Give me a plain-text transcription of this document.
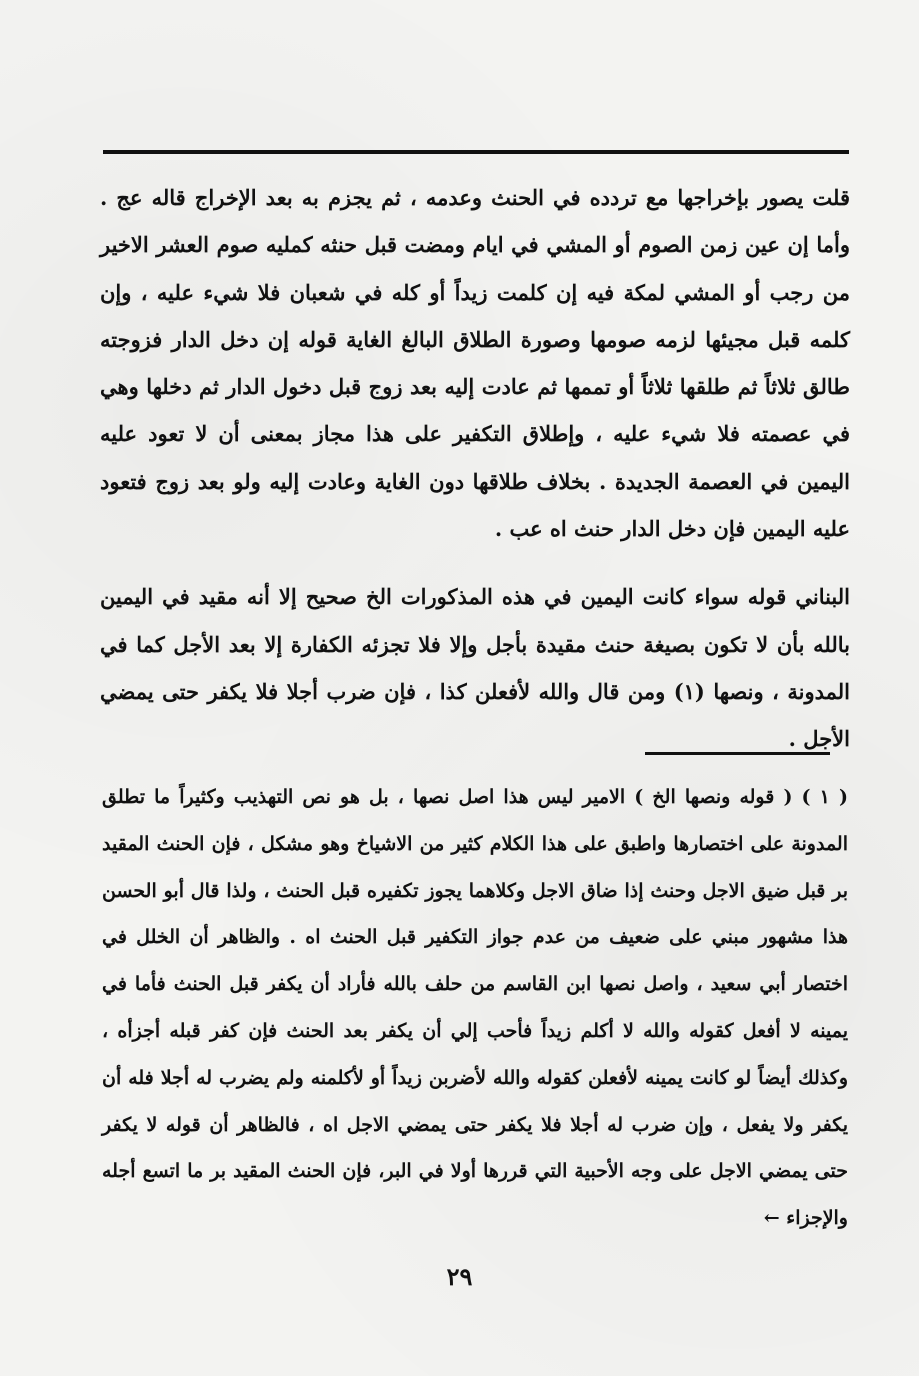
قلت يصور بإخراجها مع تردده في الحنث وعدمه ، ثم يجزم به بعد الإخراج قاله عج . وأما إن عين زمن الصوم أو المشي في ايام ومضت قبل حنثه كمليه صوم العشر الاخير من رجب أو المشي لمكة فيه إن كلمت زيداً أو كله في شعبان فلا شيء عليه ، وإن كلمه قبل مجيئها لزمه صومها وصورة الطلاق البالغ الغاية قوله إن دخل الدار فزوجته طالق ثلاثاً ثم طلقها ثلاثاً أو تممها ثم عادت إليه بعد زوج قبل دخول الدار ثم دخلها وهي في عصمته فلا شيء عليه ، وإطلاق التكفير على هذا مجاز بمعنى أن لا تعود عليه اليمين في العصمة الجديدة . بخلاف طلاقها دون الغاية وعادت إليه ولو بعد زوج فتعود عليه اليمين فإن دخل الدار حنث اه عب .

البناني قوله سواء كانت اليمين في هذه المذكورات الخ صحيح إلا أنه مقيد في اليمين بالله بأن لا تكون بصيغة حنث مقيدة بأجل وإلا فلا تجزئه الكفارة إلا بعد الأجل كما في المدونة ، ونصها (١) ومن قال والله لأفعلن كذا ، فإن ضرب أجلا فلا يكفر حتى يمضي الأجل .

( ١ ) ( قوله ونصها الخ ) الامير ليس هذا اصل نصها ، بل هو نص التهذيب وكثيراً ما تطلق المدونة على اختصارها واطبق على هذا الكلام كثير من الاشياخ وهو مشكل ، فإن الحنث المقيد بر قبل ضيق الاجل وحنث إذا ضاق الاجل وكلاهما يجوز تكفيره قبل الحنث ، ولذا قال أبو الحسن هذا مشهور مبني على ضعيف من عدم جواز التكفير قبل الحنث اه . والظاهر أن الخلل في اختصار أبي سعيد ، واصل نصها ابن القاسم من حلف بالله فأراد أن يكفر قبل الحنث فأما في يمينه لا أفعل كقوله والله لا أكلم زيداً فأحب إلي أن يكفر بعد الحنث فإن كفر قبله أجزأه ، وكذلك أيضاً لو كانت يمينه لأفعلن كقوله والله لأضربن زيداً أو لأكلمنه ولم يضرب له أجلا فله أن يكفر ولا يفعل ، وإن ضرب له أجلا فلا يكفر حتى يمضي الاجل اه ، فالظاهر أن قوله لا يكفر حتى يمضي الاجل على وجه الأحبية التي قررها أولا في البر، فإن الحنث المقيد بر ما اتسع أجله والإجزاء ←

٢٩
